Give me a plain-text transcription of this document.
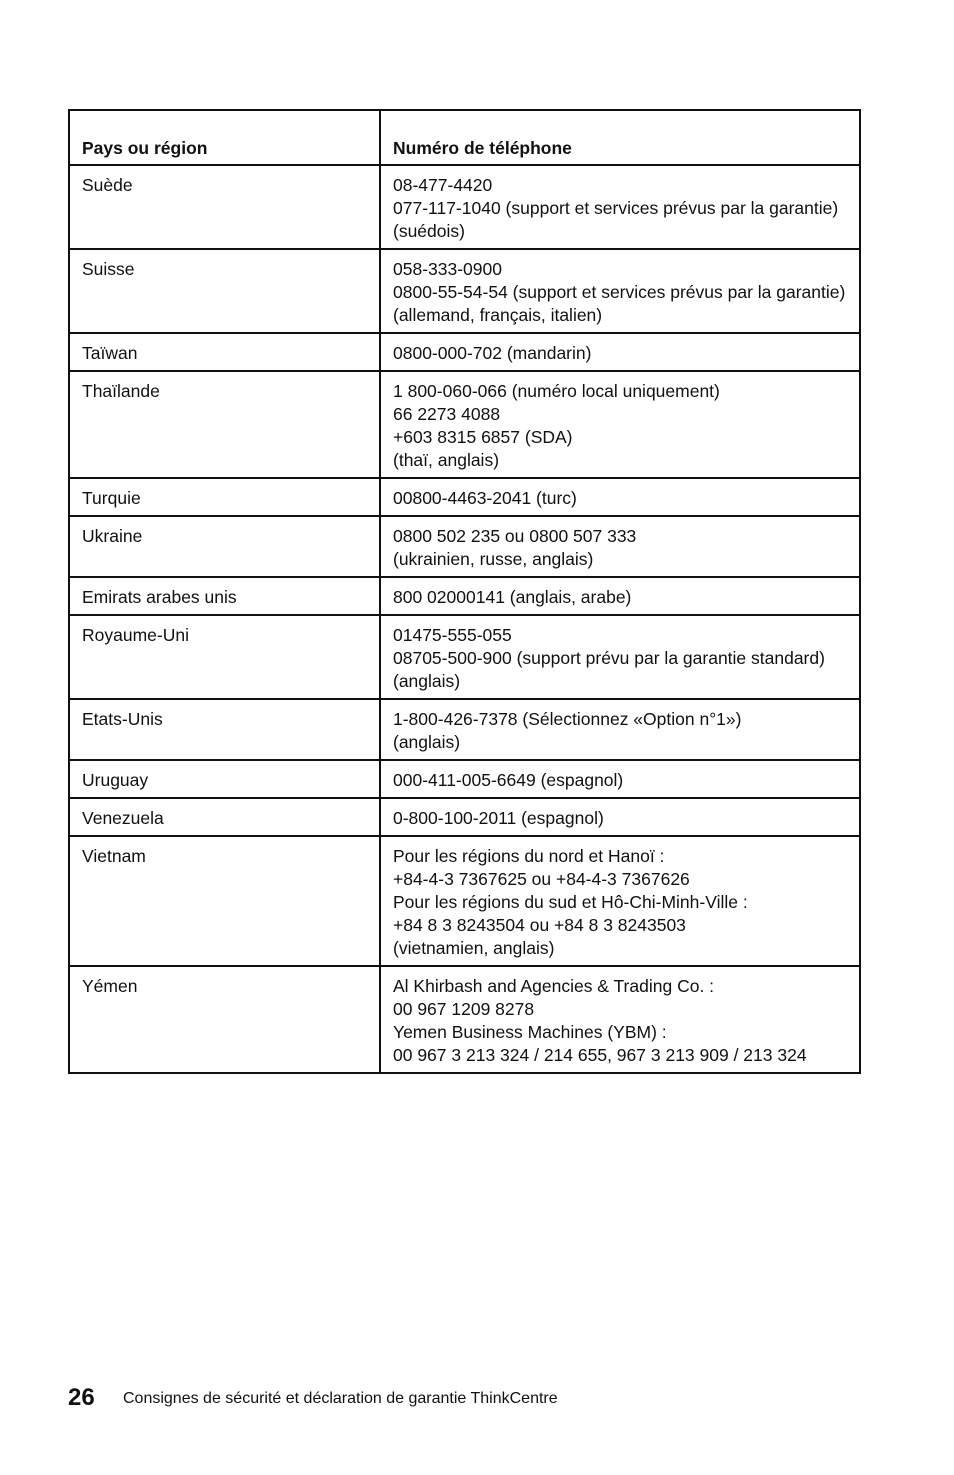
Pays ou région	Numéro de téléphone
Suède	08-477-4420
077-117-1040 (support et services prévus par la garantie)
(suédois)

Suisse	058-333-0900
0800-55-54-54 (support et services prévus par la garantie)
(allemand, français, italien)

Taïwan	0800-000-702 (mandarin)

Thaïlande	1 800-060-066 (numéro local uniquement)
66 2273 4088
+603 8315 6857 (SDA)
(thaï, anglais)

Turquie	00800-4463-2041 (turc)

Ukraine	0800 502 235 ou 0800 507 333
(ukrainien, russe, anglais)

Emirats arabes unis	800 02000141 (anglais, arabe)

Royaume-Uni	01475-555-055
08705-500-900 (support prévu par la garantie standard)
(anglais)

Etats-Unis	1-800-426-7378 (Sélectionnez «Option n°1»)
(anglais)

Uruguay	000-411-005-6649 (espagnol)

Venezuela	0-800-100-2011 (espagnol)

Vietnam	Pour les régions du nord et Hanoï :
+84-4-3 7367625 ou +84-4-3 7367626
Pour les régions du sud et Hô-Chi-Minh-Ville :
+84 8 3 8243504 ou +84 8 3 8243503
(vietnamien, anglais)

Yémen	Al Khirbash and Agencies & Trading Co. :
00 967 1209 8278
Yemen Business Machines (YBM) :
00 967 3 213 324 / 214 655, 967 3 213 909 / 213 324
26 Consignes de sécurité et déclaration de garantie ThinkCentre
